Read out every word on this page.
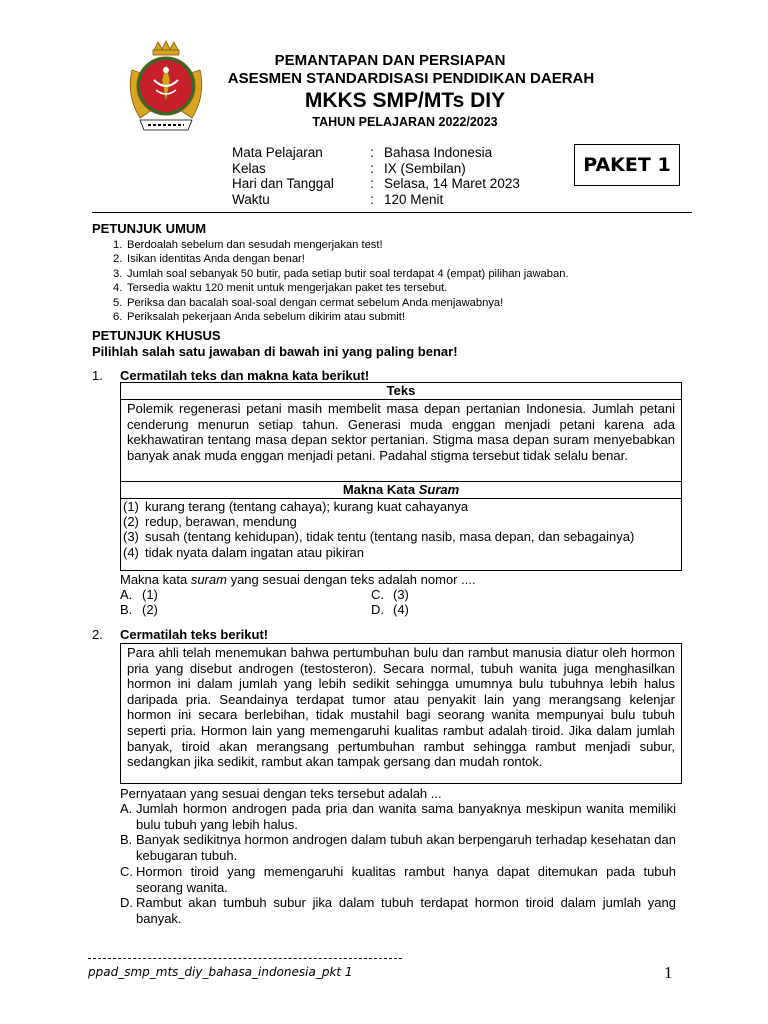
PEMANTAPAN DAN PERSIAPAN
ASESMEN STANDARDISASI PENDIDIKAN DAERAH
MKKS SMP/MTs DIY
TAHUN PELAJARAN 2022/2023
Mata Pelajaran	: Bahasa Indonesia
Kelas	: IX (Sembilan)
Hari dan Tanggal	: Selasa, 14 Maret 2023
Waktu	: 120 Menit
PAKET 1
PETUNJUK UMUM
1. Berdoalah sebelum dan sesudah mengerjakan test!
2. Isikan identitas Anda dengan benar!
3. Jumlah soal sebanyak 50 butir, pada setiap butir soal terdapat 4 (empat) pilihan jawaban.
4. Tersedia waktu 120 menit untuk mengerjakan paket tes tersebut.
5. Periksa dan bacalah soal-soal dengan cermat sebelum Anda menjawabnya!
6. Periksalah pekerjaan Anda sebelum dikirim atau submit!
PETUNJUK KHUSUS
Pilihlah salah satu jawaban di bawah ini yang paling benar!
1. Cermatilah teks dan makna kata berikut!
Teks
Polemik regenerasi petani masih membelit masa depan pertanian Indonesia. Jumlah petani cenderung menurun setiap tahun. Generasi muda enggan menjadi petani karena ada kekhawatiran tentang masa depan sektor pertanian. Stigma masa depan suram menyebabkan banyak anak muda enggan menjadi petani. Padahal stigma tersebut tidak selalu benar.
Makna Kata Suram
(1) kurang terang (tentang cahaya); kurang kuat cahayanya
(2) redup, berawan, mendung
(3) susah (tentang kehidupan), tidak tentu (tentang nasib, masa depan, dan sebagainya)
(4) tidak nyata dalam ingatan atau pikiran
Makna kata suram yang sesuai dengan teks adalah nomor ....
A. (1)
B. (2)
C. (3)
D. (4)
2. Cermatilah teks berikut!
Para ahli telah menemukan bahwa pertumbuhan bulu dan rambut manusia diatur oleh hormon pria yang disebut androgen (testosteron). Secara normal, tubuh wanita juga menghasilkan hormon ini dalam jumlah yang lebih sedikit sehingga umumnya bulu tubuhnya lebih halus daripada pria. Seandainya terdapat tumor atau penyakit lain yang merangsang kelenjar hormon ini secara berlebihan, tidak mustahil bagi seorang wanita mempunyai bulu tubuh seperti pria. Hormon lain yang memengaruhi kualitas rambut adalah tiroid. Jika dalam jumlah banyak, tiroid akan merangsang pertumbuhan rambut sehingga rambut menjadi subur, sedangkan jika sedikit, rambut akan tampak gersang dan mudah rontok.
Pernyataan yang sesuai dengan teks tersebut adalah ...
A. Jumlah hormon androgen pada pria dan wanita sama banyaknya meskipun wanita memiliki bulu tubuh yang lebih halus.
B. Banyak sedikitnya hormon androgen dalam tubuh akan berpengaruh terhadap kesehatan dan kebugaran tubuh.
C. Hormon tiroid yang memengaruhi kualitas rambut hanya dapat ditemukan pada tubuh seorang wanita.
D. Rambut akan tumbuh subur jika dalam tubuh terdapat hormon tiroid dalam jumlah yang banyak.
ppad_smp_mts_diy_bahasa_indonesia_pkt 1	1
